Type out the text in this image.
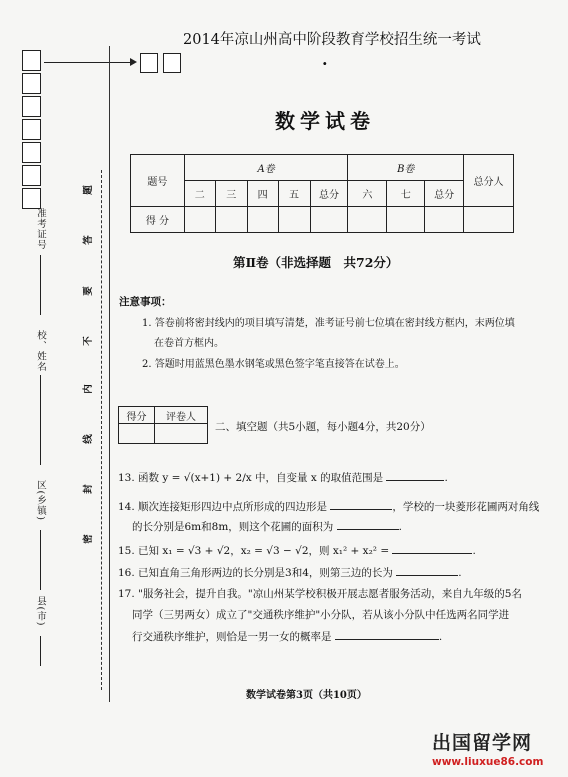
准考证号
校、姓名
区(乡镇)
县(市)
题
答
要
不
内
线
封
密
2014年凉山州高中阶段教育学校招生统一考试
·
数学试卷
题号	A卷					B卷			总分人
	二	三	四	五	总分	六	七	总分	
得 分									
第Ⅱ卷（非选择题　共72分）
注意事项：
1. 答卷前将密封线内的项目填写清楚，准考证号前七位填在密封线方框内，末两位填
在卷首方框内。
2. 答题时用蓝黑色墨水钢笔或黑色签字笔直接答在试卷上。
得分	评卷人

二、填空题（共5小题，每小题4分，共20分）
13. 函数 y = √(x+1) + 2/x 中，自变量 x 的取值范围是	.
14. 顺次连接矩形四边中点所形成的四边形是	，学校的一块菱形花圃两对角线
的长分别是6m和8m，则这个花圃的面积为	.
15. 已知 x₁ = √3 + √2，x₂ = √3 − √2，则 x₁² + x₂² =	.
16. 已知直角三角形两边的长分别是3和4，则第三边的长为	.
17. "服务社会，提升自我。"凉山州某学校积极开展志愿者服务活动，来自九年级的5名
同学（三男两女）成立了"交通秩序维护"小分队，若从该小分队中任选两名同学进
行交通秩序维护，则恰是一男一女的概率是	.
数学试卷第3页（共10页）
出国留学网
www.liuxue86.com
